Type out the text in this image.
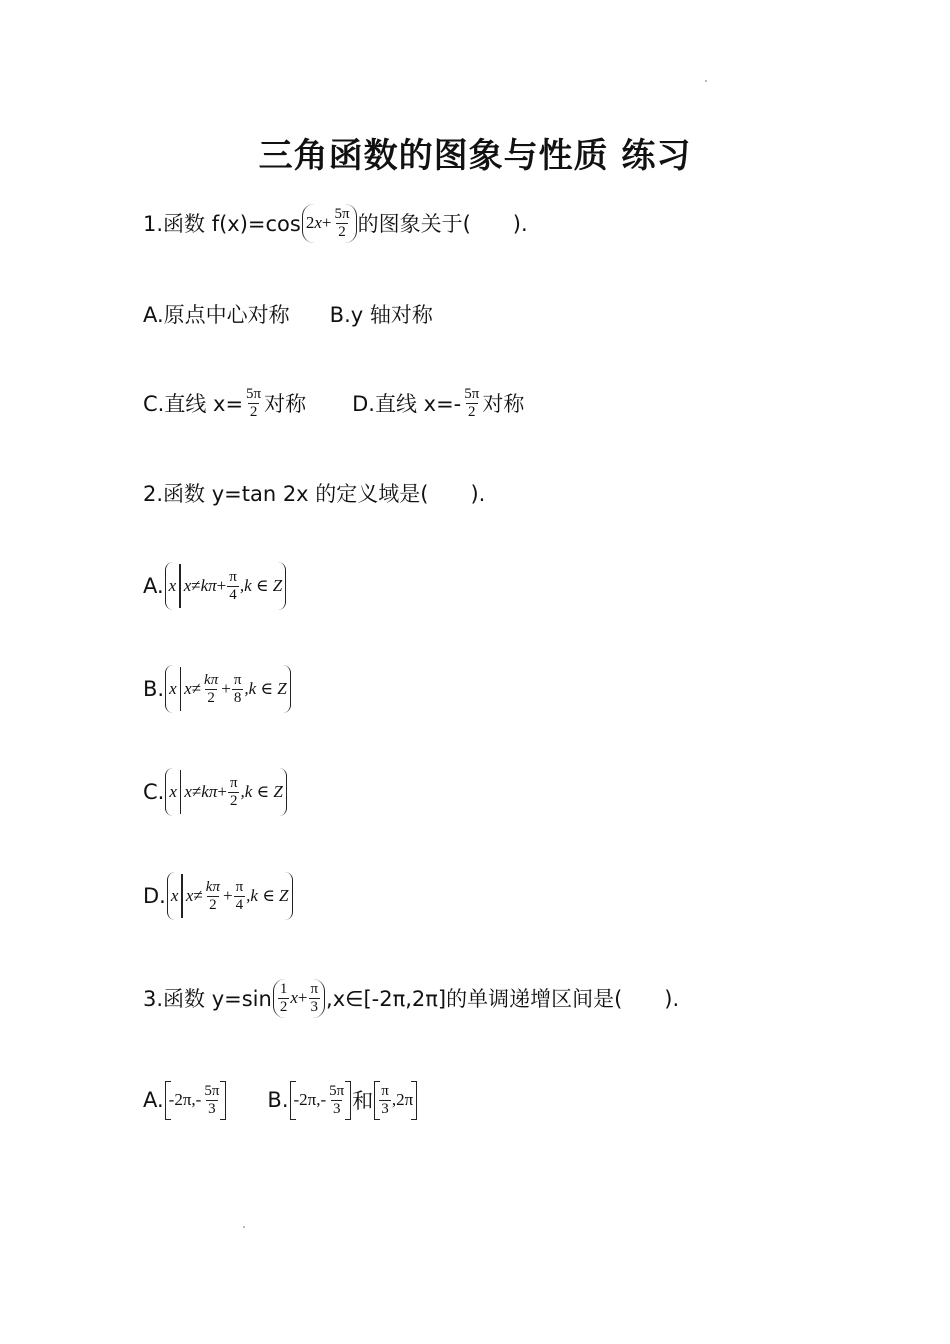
三角函数的图象与性质 练习
1.函数 f(x)=cos 2 $x + \frac{5\pi}{2}$ 的图象关于(　　).
A.原点中心对称 B.y 轴对称
C.直线 $x= \frac{5\pi}{2}$ 对称 D.直线 $x=- \frac{5\pi}{2}$ 对称
2.函数 y=tan 2x 的定义域是(　　).
A. x $x \ne k\pi + \frac{\pi}{4} ,k$ ∈ Z
B. x $x \ne \frac{k\pi}{2} + \frac{\pi}{8} ,k$ ∈ Z
C. x $x \ne k\pi + \frac{\pi}{2} ,k$ ∈ Z
D. x $x \ne \frac{k\pi}{2} + \frac{\pi}{4} ,k$ ∈ Z
3.函数 $y=\sin \frac{1}{2}$ $x + \frac{\pi}{3}$ ,x∈[-2π,2π]的单调递增区间是(　　).
A. $-2\pi,- \frac{5\pi}{3} B$. $-2\pi,- \frac{5\pi}{3}$ 和 $\frac{\pi}{3} ,2\pi$
